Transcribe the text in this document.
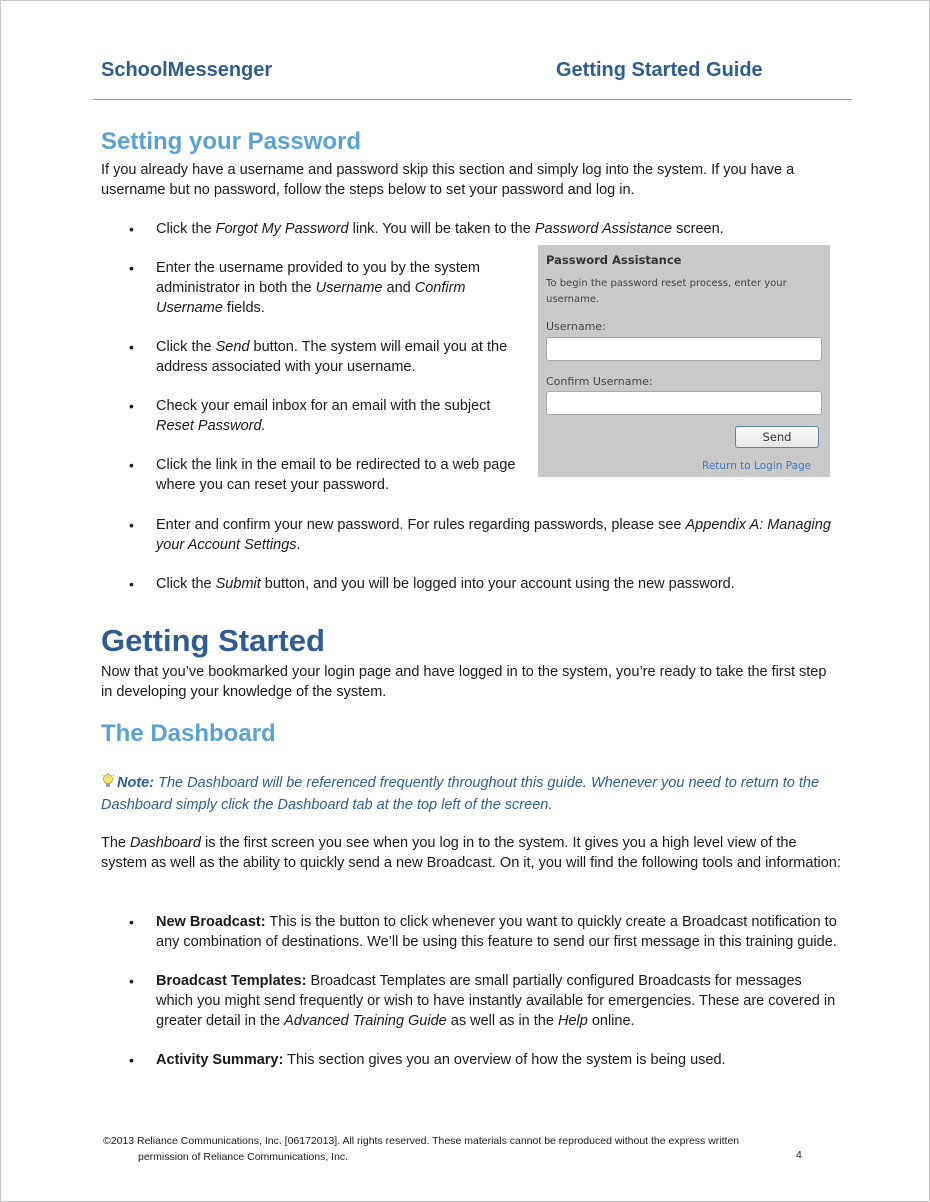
SchoolMessenger	Getting Started Guide
Setting your Password
If you already have a username and password skip this section and simply log into the system. If you have a username but no password, follow the steps below to set your password and log in.
• Click the Forgot My Password link. You will be taken to the Password Assistance screen.
• Enter the username provided to you by the system administrator in both the Username and Confirm Username fields.
• Click the Send button. The system will email you at the address associated with your username.
• Check your email inbox for an email with the subject Reset Password.
• Click the link in the email to be redirected to a web page where you can reset your password.
• Enter and confirm your new password. For rules regarding passwords, please see Appendix A: Managing your Account Settings.
• Click the Submit button, and you will be logged into your account using the new password.
Password Assistance
To begin the password reset process, enter your username.
Username:
Confirm Username:
Send
Return to Login Page
Getting Started
Now that you’ve bookmarked your login page and have logged in to the system, you’re ready to take the first step in developing your knowledge of the system.
The Dashboard
Note: The Dashboard will be referenced frequently throughout this guide. Whenever you need to return to the Dashboard simply click the Dashboard tab at the top left of the screen.
The Dashboard is the first screen you see when you log in to the system. It gives you a high level view of the system as well as the ability to quickly send a new Broadcast. On it, you will find the following tools and information:
• New Broadcast: This is the button to click whenever you want to quickly create a Broadcast notification to any combination of destinations. We’ll be using this feature to send our first message in this training guide.
• Broadcast Templates: Broadcast Templates are small partially configured Broadcasts for messages which you might send frequently or wish to have instantly available for emergencies. These are covered in greater detail in the Advanced Training Guide as well as in the Help online.
• Activity Summary: This section gives you an overview of how the system is being used.
©2013 Reliance Communications, Inc. [06172013]. All rights reserved. These materials cannot be reproduced without the express written
permission of Reliance Communications, Inc.	4
